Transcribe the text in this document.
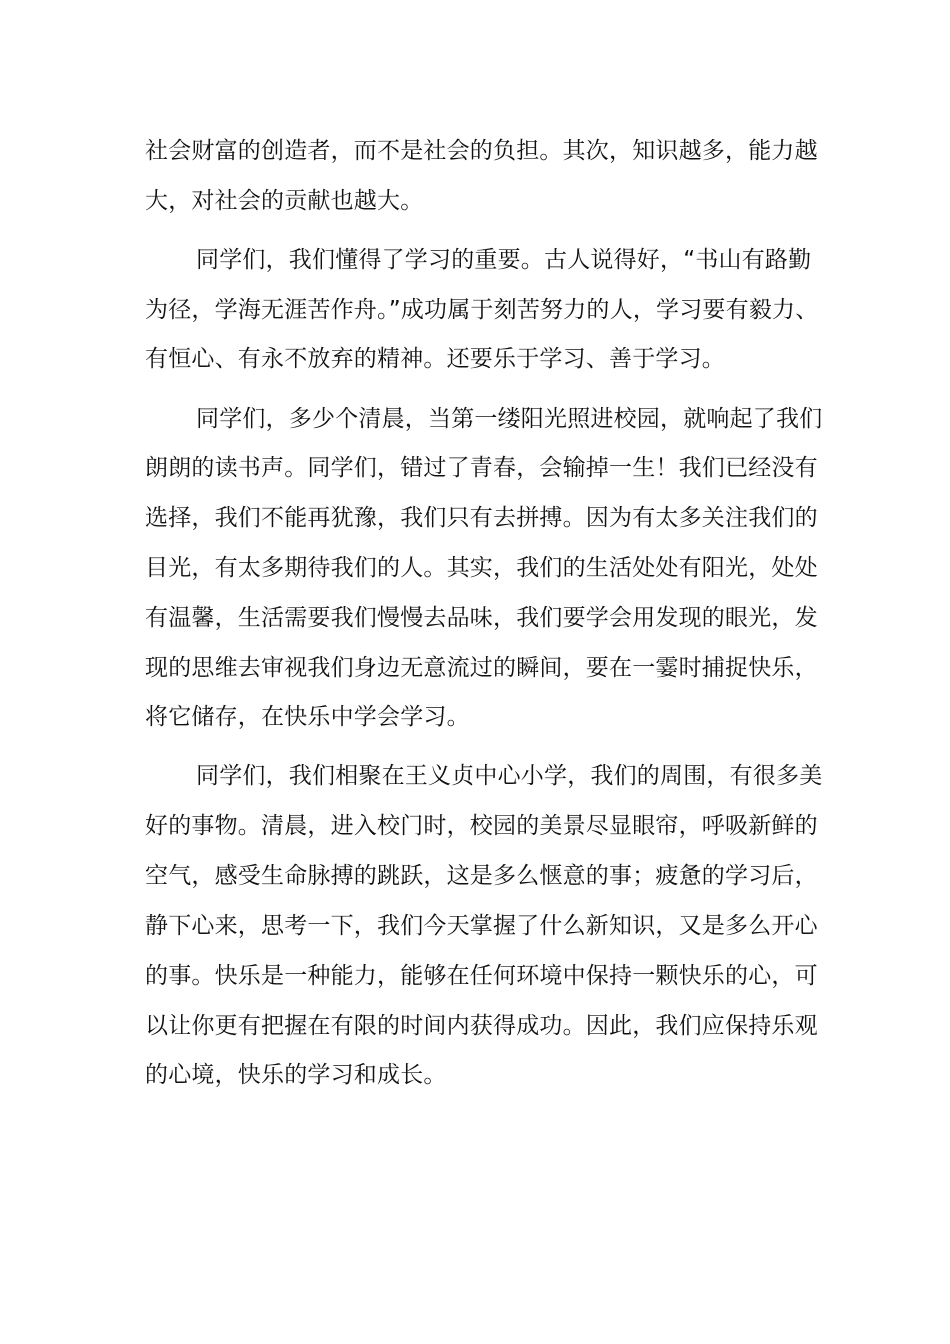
社会财富的创造者，而不是社会的负担。其次，知识越多，能力越
大，对社会的贡献也越大。
同学们，我们懂得了学习的重要。古人说得好，“书山有路勤
为径，学海无涯苦作舟。”成功属于刻苦努力的人，学习要有毅力、
有恒心、有永不放弃的精神。还要乐于学习、善于学习。
同学们，多少个清晨，当第一缕阳光照进校园，就响起了我们
朗朗的读书声。同学们，错过了青春，会输掉一生！我们已经没有
选择，我们不能再犹豫，我们只有去拼搏。因为有太多关注我们的
目光，有太多期待我们的人。其实，我们的生活处处有阳光，处处
有温馨，生活需要我们慢慢去品味，我们要学会用发现的眼光，发
现的思维去审视我们身边无意流过的瞬间，要在一霎时捕捉快乐，
将它储存，在快乐中学会学习。
同学们，我们相聚在王义贞中心小学，我们的周围，有很多美
好的事物。清晨，进入校门时，校园的美景尽显眼帘，呼吸新鲜的
空气，感受生命脉搏的跳跃，这是多么惬意的事；疲惫的学习后，
静下心来，思考一下，我们今天掌握了什么新知识，又是多么开心
的事。快乐是一种能力，能够在任何环境中保持一颗快乐的心，可
以让你更有把握在有限的时间内获得成功。因此，我们应保持乐观
的心境，快乐的学习和成长。
